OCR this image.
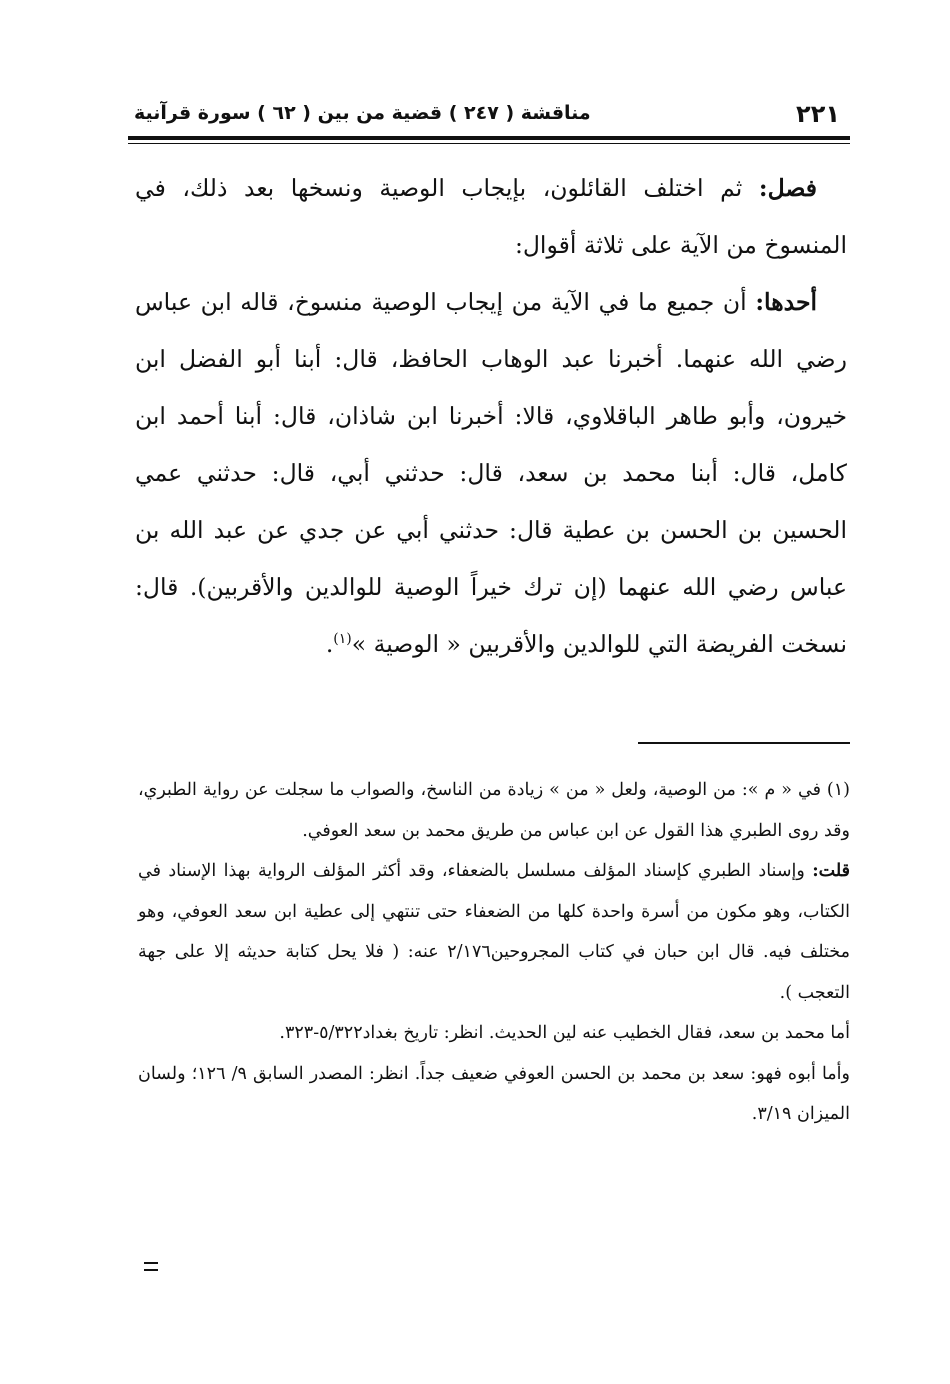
٢٢١
مناقشة ( ٢٤٧ ) قضية من بين ( ٦٢ ) سورة قرآنية

فصل: ثم اختلف القائلون، بإيجاب الوصية ونسخها بعد ذلك، في المنسوخ من الآية على ثلاثة أقوال:

أحدها: أن جميع ما في الآية من إيجاب الوصية منسوخ، قاله ابن عباس رضي الله عنهما. أخبرنا عبد الوهاب الحافظ، قال: أبنا أبو الفضل ابن خيرون، وأبو طاهر الباقلاوي، قالا: أخبرنا ابن شاذان، قال: أبنا أحمد ابن كامل، قال: أبنا محمد بن سعد، قال: حدثني أبي، قال: حدثني عمي الحسين بن الحسن بن عطية قال: حدثني أبي عن جدي عن عبد الله بن عباس رضي الله عنهما (إن ترك خيراً الوصية للوالدين والأقربين). قال: نسخت الفريضة التي للوالدين والأقربين « الوصية »$^{(١)}$.

(١) في « م »: من الوصية، ولعل « من » زيادة من الناسخ، والصواب ما سجلت عن رواية الطبري، وقد روى الطبري هذا القول عن ابن عباس من طريق محمد بن سعد العوفي.

قلت: وإسناد الطبري كإسناد المؤلف مسلسل بالضعفاء، وقد أكثر المؤلف الرواية بهذا الإسناد في الكتاب، وهو مكون من أسرة واحدة كلها من الضعفاء حتى تنتهي إلى عطية ابن سعد العوفي، وهو مختلف فيه. قال ابن حبان في كتاب المجروحين٢/١٧٦ عنه: ( فلا يحل كتابة حديثه إلا على جهة التعجب ).

أما محمد بن سعد، فقال الخطيب عنه لين الحديث. انظر: تاريخ بغداد٥/٣٢٢-٣٢٣.

وأما أبوه فهو: سعد بن محمد بن الحسن العوفي ضعيف جداً. انظر: المصدر السابق ٩/ ١٢٦؛ ولسان الميزان ٣/١٩.
